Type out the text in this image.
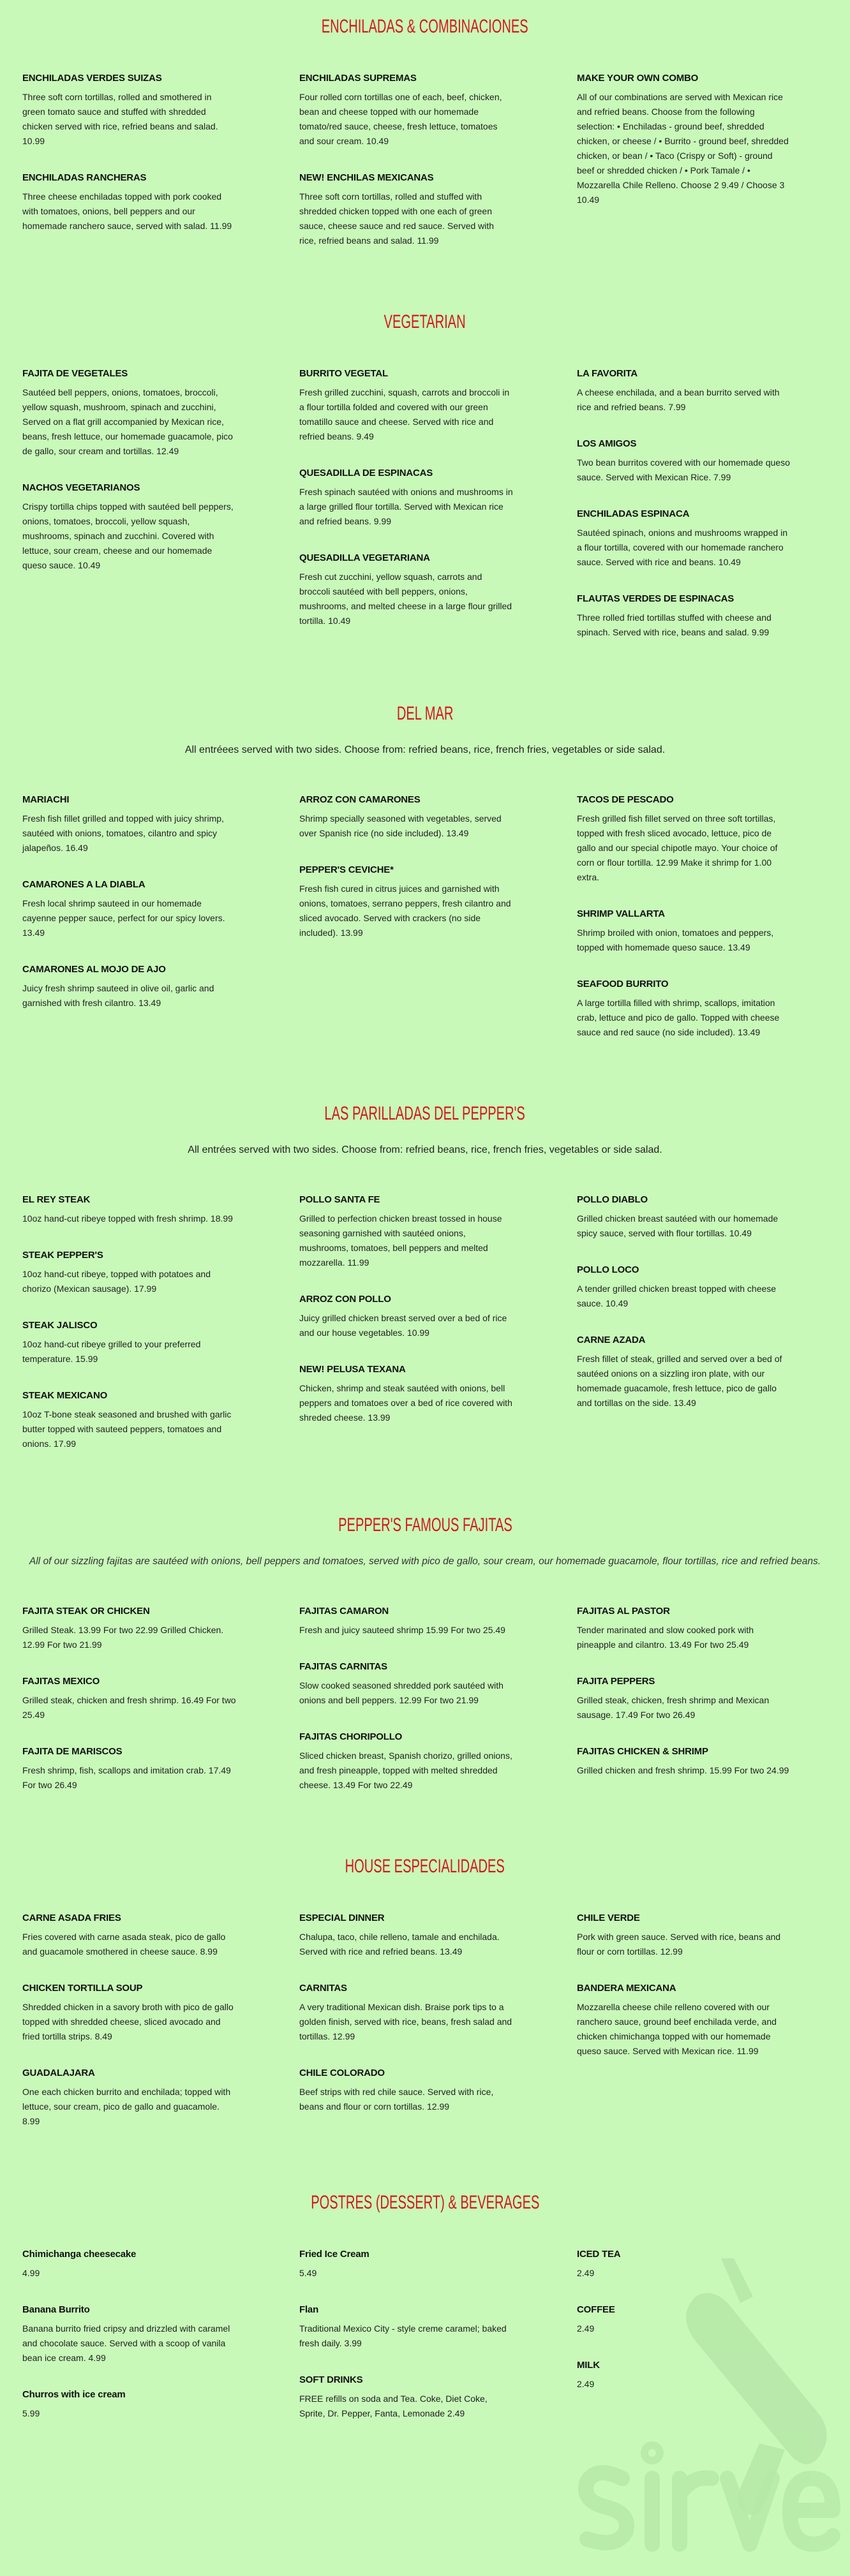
ENCHILADAS & COMBINACIONES
ENCHILADAS VERDES SUIZAS

Three soft corn tortillas, rolled and smothered in green tomato sauce and stuffed with shredded chicken served with rice, refried beans and salad. 10.99

ENCHILADAS RANCHERAS

Three cheese enchiladas topped with pork cooked with tomatoes, onions, bell peppers and our homemade ranchero sauce, served with salad. 11.99

ENCHILADAS SUPREMAS

Four rolled corn tortillas one of each, beef, chicken, bean and cheese topped with our homemade tomato/red sauce, cheese, fresh lettuce, tomatoes and sour cream. 10.49

NEW! ENCHILAS MEXICANAS

Three soft corn tortillas, rolled and stuffed with shredded chicken topped with one each of green sauce, cheese sauce and red sauce. Served with rice, refried beans and salad. 11.99

MAKE YOUR OWN COMBO

All of our combinations are served with Mexican rice and refried beans. Choose from the following selection: • Enchiladas - ground beef, shredded chicken, or cheese / • Burrito - ground beef, shredded chicken, or bean / • Taco (Crispy or Soft) - ground beef or shredded chicken / • Pork Tamale / • Mozzarella Chile Relleno. Choose 2 9.49 / Choose 3 10.49

VEGETARIAN
FAJITA DE VEGETALES

Sautéed bell peppers, onions, tomatoes, broccoli, yellow squash, mushroom, spinach and zucchini, Served on a flat grill accompanied by Mexican rice, beans, fresh lettuce, our homemade guacamole, pico de gallo, sour cream and tortillas. 12.49

NACHOS VEGETARIANOS

Crispy tortilla chips topped with sautéed bell peppers, onions, tomatoes, broccoli, yellow squash, mushrooms, spinach and zucchini. Covered with lettuce, sour cream, cheese and our homemade queso sauce. 10.49

BURRITO VEGETAL

Fresh grilled zucchini, squash, carrots and broccoli in a flour tortilla folded and covered with our green tomatillo sauce and cheese. Served with rice and refried beans. 9.49

QUESADILLA DE ESPINACAS

Fresh spinach sautéed with onions and mushrooms in a large grilled flour tortilla. Served with Mexican rice and refried beans. 9.99

QUESADILLA VEGETARIANA

Fresh cut zucchini, yellow squash, carrots and broccoli sautéed with bell peppers, onions, mushrooms, and melted cheese in a large flour grilled tortilla. 10.49

LA FAVORITA

A cheese enchilada, and a bean burrito served with rice and refried beans. 7.99

LOS AMIGOS

Two bean burritos covered with our homemade queso sauce. Served with Mexican Rice. 7.99

ENCHILADAS ESPINACA

Sautéed spinach, onions and mushrooms wrapped in a flour tortilla, covered with our homemade ranchero sauce. Served with rice and beans. 10.49

FLAUTAS VERDES DE ESPINACAS

Three rolled fried tortillas stuffed with cheese and spinach. Served with rice, beans and salad. 9.99

DEL MAR
All entréees served with two sides. Choose from: refried beans, rice, french fries, vegetables or side salad.
MARIACHI

Fresh fish fillet grilled and topped with juicy shrimp, sautéed with onions, tomatoes, cilantro and spicy jalapeños. 16.49

CAMARONES A LA DIABLA

Fresh local shrimp sauteed in our homemade cayenne pepper sauce, perfect for our spicy lovers. 13.49

CAMARONES AL MOJO DE AJO

Juicy fresh shrimp sauteed in olive oil, garlic and garnished with fresh cilantro. 13.49

ARROZ CON CAMARONES

Shrimp specially seasoned with vegetables, served over Spanish rice (no side included). 13.49

PEPPER'S CEVICHE*

Fresh fish cured in citrus juices and garnished with onions, tomatoes, serrano peppers, fresh cilantro and sliced avocado. Served with crackers (no side included). 13.99

TACOS DE PESCADO

Fresh grilled fish fillet served on three soft tortillas, topped with fresh sliced avocado, lettuce, pico de gallo and our special chipotle mayo. Your choice of corn or flour tortilla. 12.99 Make it shrimp for 1.00 extra.

SHRIMP VALLARTA

Shrimp broiled with onion, tomatoes and peppers, topped with homemade queso sauce. 13.49

SEAFOOD BURRITO

A large tortilla filled with shrimp, scallops, imitation crab, lettuce and pico de gallo. Topped with cheese sauce and red sauce (no side included). 13.49

LAS PARILLADAS DEL PEPPER'S
All entrées served with two sides. Choose from: refried beans, rice, french fries, vegetables or side salad.
EL REY STEAK

10oz hand-cut ribeye topped with fresh shrimp. 18.99

STEAK PEPPER'S

10oz hand-cut ribeye, topped with potatoes and chorizo (Mexican sausage). 17.99

STEAK JALISCO

10oz hand-cut ribeye grilled to your preferred temperature. 15.99

STEAK MEXICANO

10oz T-bone steak seasoned and brushed with garlic butter topped with sauteed peppers, tomatoes and onions. 17.99

POLLO SANTA FE

Grilled to perfection chicken breast tossed in house seasoning garnished with sautéed onions, mushrooms, tomatoes, bell peppers and melted mozzarella. 11.99

ARROZ CON POLLO

Juicy grilled chicken breast served over a bed of rice and our house vegetables. 10.99

NEW! PELUSA TEXANA

Chicken, shrimp and steak sautéed with onions, bell peppers and tomatoes over a bed of rice covered with shreded cheese. 13.99

POLLO DIABLO

Grilled chicken breast sautéed with our homemade spicy sauce, served with flour tortillas. 10.49

POLLO LOCO

A tender grilled chicken breast topped with cheese sauce. 10.49

CARNE AZADA

Fresh fillet of steak, grilled and served over a bed of sautéed onions on a sizzling iron plate, with our homemade guacamole, fresh lettuce, pico de gallo and tortillas on the side. 13.49

PEPPER'S FAMOUS FAJITAS
All of our sizzling fajitas are sautéed with onions, bell peppers and tomatoes, served with pico de gallo, sour cream, our homemade guacamole, flour tortillas, rice and refried beans.
FAJITA STEAK OR CHICKEN

Grilled Steak. 13.99 For two 22.99 Grilled Chicken. 12.99 For two 21.99

FAJITAS MEXICO

Grilled steak, chicken and fresh shrimp. 16.49 For two 25.49

FAJITA DE MARISCOS

Fresh shrimp, fish, scallops and imitation crab. 17.49 For two 26.49

FAJITAS CAMARON

Fresh and juicy sauteed shrimp 15.99 For two 25.49

FAJITAS CARNITAS

Slow cooked seasoned shredded pork sautéed with onions and bell peppers. 12.99 For two 21.99

FAJITAS CHORIPOLLO

Sliced chicken breast, Spanish chorizo, grilled onions, and fresh pineapple, topped with melted shredded cheese. 13.49 For two 22.49

FAJITAS AL PASTOR

Tender marinated and slow cooked pork with pineapple and cilantro. 13.49 For two 25.49

FAJITA PEPPERS

Grilled steak, chicken, fresh shrimp and Mexican sausage. 17.49 For two 26.49

FAJITAS CHICKEN & SHRIMP

Grilled chicken and fresh shrimp. 15.99 For two 24.99

HOUSE ESPECIALIDADES
CARNE ASADA FRIES

Fries covered with carne asada steak, pico de gallo and guacamole smothered in cheese sauce. 8.99

CHICKEN TORTILLA SOUP

Shredded chicken in a savory broth with pico de gallo topped with shredded cheese, sliced avocado and fried tortilla strips. 8.49

GUADALAJARA

One each chicken burrito and enchilada; topped with lettuce, sour cream, pico de gallo and guacamole. 8.99

ESPECIAL DINNER

Chalupa, taco, chile relleno, tamale and enchilada. Served with rice and refried beans. 13.49

CARNITAS

A very traditional Mexican dish. Braise pork tips to a golden finish, served with rice, beans, fresh salad and tortillas. 12.99

CHILE COLORADO

Beef strips with red chile sauce. Served with rice, beans and flour or corn tortillas. 12.99

CHILE VERDE

Pork with green sauce. Served with rice, beans and flour or corn tortillas. 12.99

BANDERA MEXICANA

Mozzarella cheese chile relleno covered with our ranchero sauce, ground beef enchilada verde, and chicken chimichanga topped with our homemade queso sauce. Served with Mexican rice. 11.99

POSTRES (DESSERT) & BEVERAGES
Chimichanga cheesecake

4.99

Banana Burrito

Banana burrito fried cripsy and drizzled with caramel and chocolate sauce. Served with a scoop of vanila bean ice cream. 4.99

Churros with ice cream

5.99

Fried Ice Cream

5.49

Flan

Traditional Mexico City - style creme caramel; baked fresh daily. 3.99

SOFT DRINKS

FREE refills on soda and Tea. Coke, Diet Coke, Sprite, Dr. Pepper, Fanta, Lemonade 2.49

ICED TEA

2.49

COFFEE

2.49

MILK

2.49
